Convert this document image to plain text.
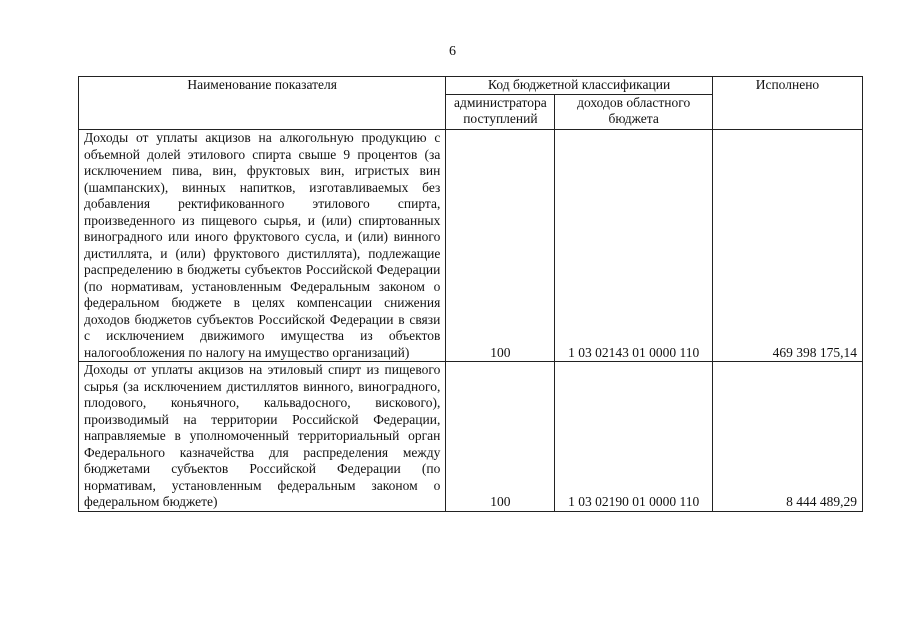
6
Наименование показателя	Код бюджетной классификации		Исполнено
	администратора поступлений	доходов областного бюджета	
Доходы от уплаты акцизов на алкогольную продукцию с объемной долей этилового спирта свыше 9 процентов (за исключением пива, вин, фруктовых вин, игристых вин (шампанских), винных напитков, изготавливаемых без добавления ректификованного этилового спирта, произведенного из пищевого сырья, и (или) спиртованных виноградного или иного фруктового сусла, и (или) винного дистиллята, и (или) фруктового дистиллята), подлежащие распределению в бюджеты субъектов Российской Федерации (по нормативам, установленным Федеральным законом о федеральном бюджете в целях компенсации снижения доходов бюджетов субъектов Российской Федерации в связи с исключением движимого имущества из объектов налогообложения по налогу на имущество организаций)	100	1 03 02143 01 0000 110	469 398 175,14
Доходы от уплаты акцизов на этиловый спирт из пищевого сырья (за исключением дистиллятов винного, виноградного, плодового, коньячного, кальвадосного, вискового), производимый на территории Российской Федерации, направляемые в уполномоченный территориальный орган Федерального казначейства для распределения между бюджетами субъектов Российской Федерации (по нормативам, установленным федеральным законом о федеральном бюджете)	100	1 03 02190 01 0000 110	8 444 489,29
